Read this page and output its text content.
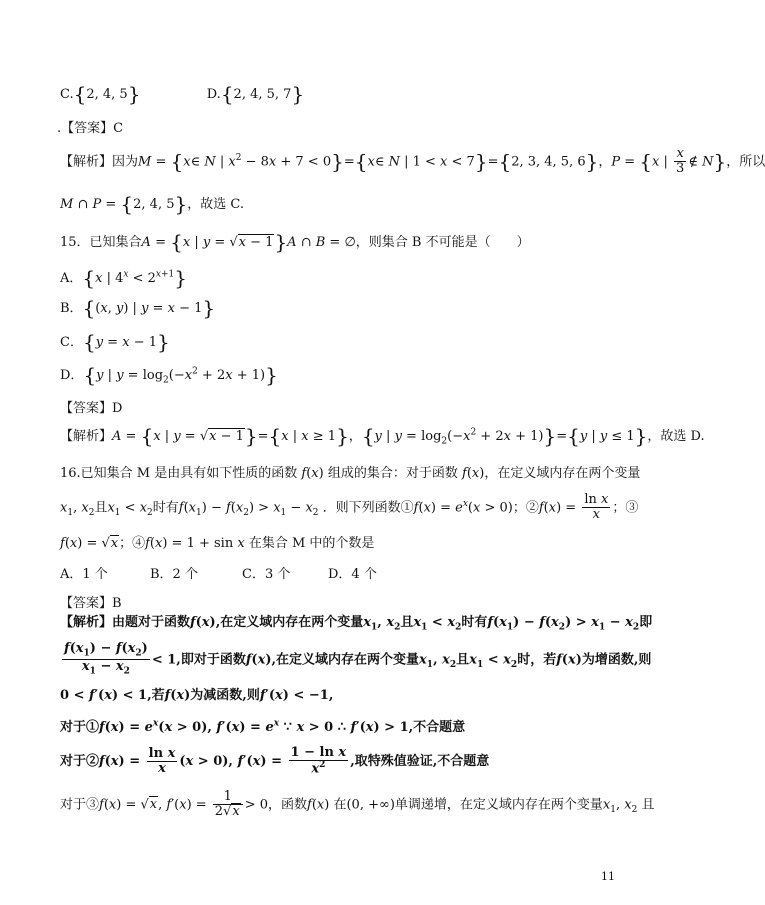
C.{2, 4, 5}	D.{2, 4, 5, 7}
.【答案】C
【解析】因为M = {x∈ N | $x^2 - 8x + 7$ < 0}={x∈ N | 1 < x < 7}={2, 3, 4, 5, 6}，P = {x | $\frac{x}{3}$ ∉ N}，所以
M ∩ P = {2, 4, 5}，故选 C.
15．已知集合A = {x | y = √x − 1}A ∩ B = ∅，则集合 B 不可能是（　　）
A．{x | $4^x < 2^{x+1}$}
B．{(x, y) | y = x − 1}
C．{y = x − 1}
D．{y | $y = \log_2(-x^2 + 2x + 1)$}
【答案】D
【解析】A = {x | y = √x − 1}={x | x ≥ 1}，{y | $y = \log_2(-x^2 + 2x + 1)\}=\{y$ | y ≤ 1}，故选 D.
16.已知集合 M 是由具有如下性质的函数 f(x) 组成的集合：对于函数 f(x)，在定义域内存在两个变量
$x_1$, $x_2$且$x_1 < x_2$时有$f(x_1) - f(x_2) > x_1 - x_2$ ．则下列函数①f(x) = $e^x(x > 0)$；②f(x) = $\frac{\text{ln x}}{x}$ ；③
f(x) = √x；④f(x) = 1 + sin x 在集合 M 中的个数是
A．1 个	B．2 个	C．3 个	D．4 个
【答案】B
【解析】由题对于函数f(x),在定义域内存在两个变量$x_1$, $x_2$且$x_1 < x_2$时有$f(x_1) - f(x_2) > x_1 - x_2$即
$\frac{f(x_1) - f(x_2)}{x_1 - x_2} < 1$,即对于函数f(x),在定义域内存在两个变量$x_1$, $x_2$且$x_1 < x_2$时，若f(x)为增函数,则
0 < f′(x) < 1,若f(x)为减函数,则f′(x) < −1,
对于①f(x) = $e^x(x > 0)$, $f'(x) = e^x$ ∵ x > 0 ∴ f′(x) > 1,不合题意
对于②f(x) = $\frac{\text{ln x}}{x} (x > 0)$, $f'(x) = \frac{\text{1 − ln x}}{x^2}$ ,取特殊值验证,不合题意
对于③f(x) = √x, $f'(x) = \frac{1}{2√x} > 0$，函数f(x) 在(0, +∞)单调递增，在定义域内存在两个变量$x_1$, $x_2$ 且
11
